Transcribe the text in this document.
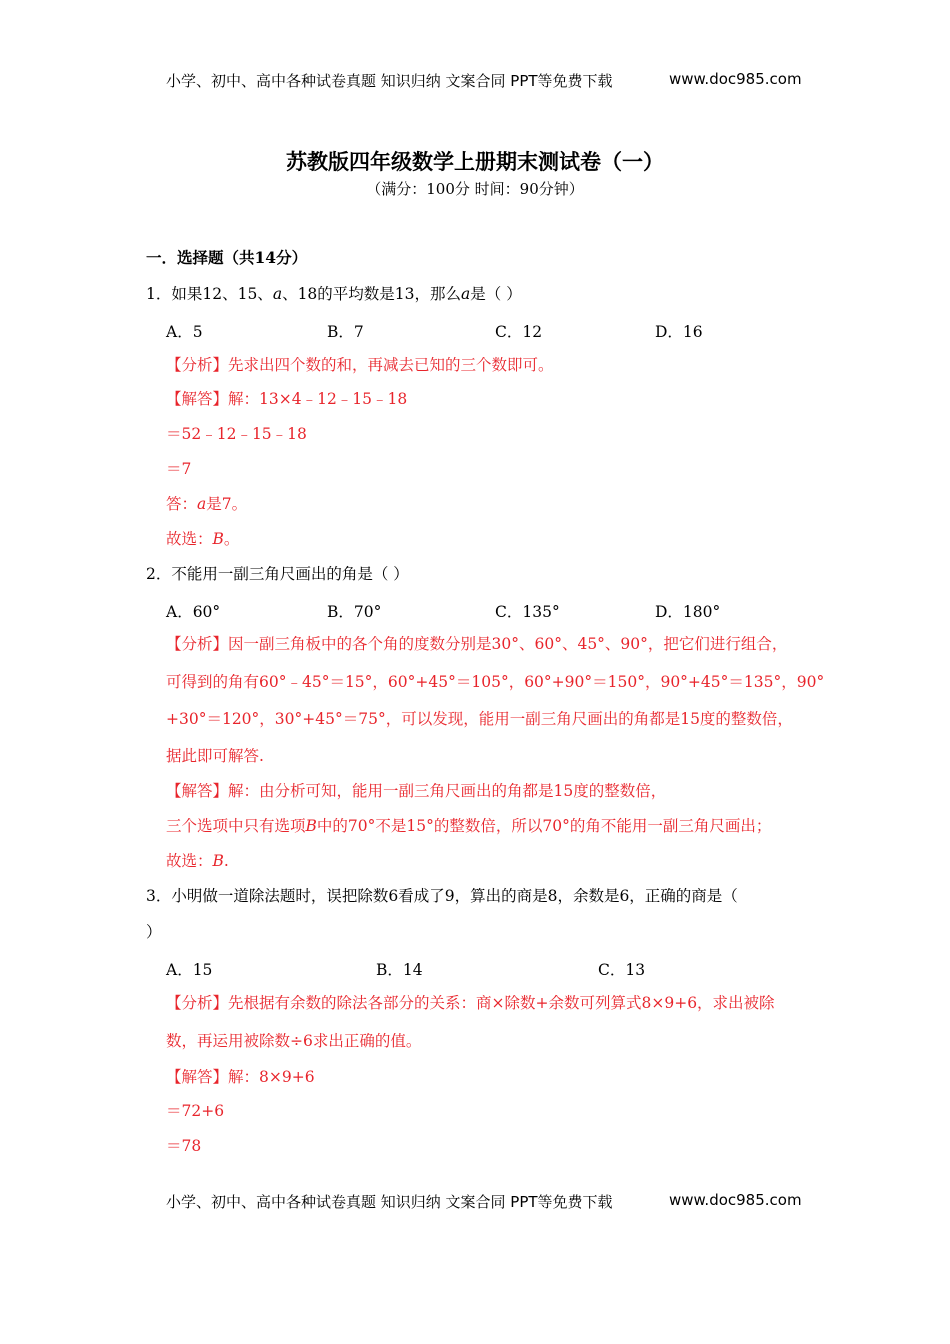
小学、初中、高中各种试卷真题 知识归纳 文案合同 PPT等免费下载	www.doc985.com
苏教版四年级数学上册期末测试卷（一）
（满分：100分 时间：90分钟）
一．选择题（共14分）
1．如果12、15、a、18的平均数是13，那么a是（ ）
A．5	B．7	C．12	D．16
【分析】先求出四个数的和，再减去已知的三个数即可。
【解答】解：13×4﹣12﹣15﹣18
＝52﹣12﹣15﹣18
＝7
答：a是7。
故选：B。
2．不能用一副三角尺画出的角是（ ）
A．60°	B．70°	C．135°	D．180°
【分析】因一副三角板中的各个角的度数分别是30°、60°、45°、90°，把它们进行组合，
可得到的角有60°﹣45°＝15°，60°+45°＝105°，60°+90°＝150°，90°+45°＝135°，90°
+30°＝120°，30°+45°＝75°，可以发现，能用一副三角尺画出的角都是15度的整数倍，
据此即可解答.
【解答】解：由分析可知，能用一副三角尺画出的角都是15度的整数倍，
三个选项中只有选项B中的70°不是15°的整数倍，所以70°的角不能用一副三角尺画出；
故选：B.
3．小明做一道除法题时，误把除数6看成了9，算出的商是8，余数是6，正确的商是（
）
A．15	B．14	C．13
【分析】先根据有余数的除法各部分的关系：商×除数+余数可列算式8×9+6，求出被除
数，再运用被除数÷6求出正确的值。
【解答】解：8×9+6
＝72+6
＝78
小学、初中、高中各种试卷真题 知识归纳 文案合同 PPT等免费下载	www.doc985.com
